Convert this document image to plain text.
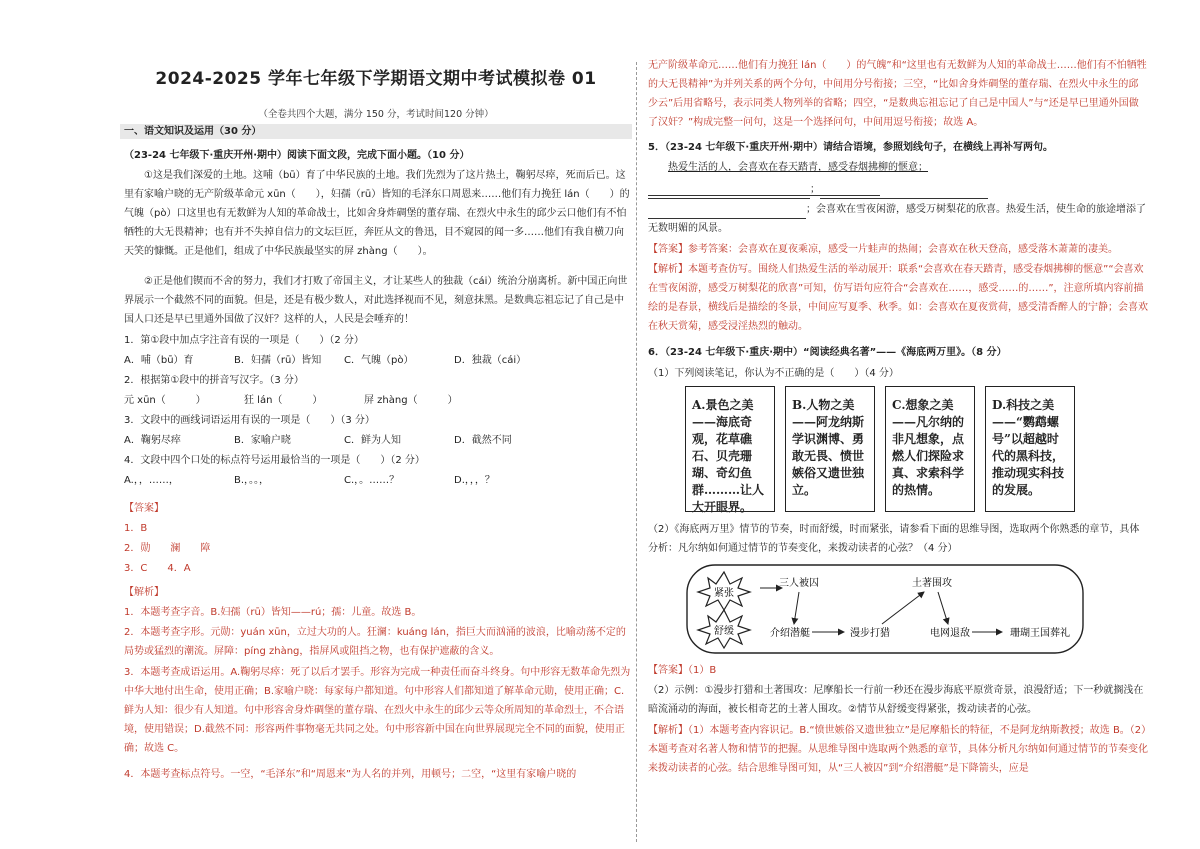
2024-2025 学年七年级下学期语文期中考试模拟卷 01
（全卷共四个大题，满分 150 分，考试时间120 分钟）
一、语文知识及运用（30 分）
（23-24 七年级下·重庆开州·期中）阅读下面文段，完成下面小题。（10 分）
①这是我们深爱的土地。这哺（bū）育了中华民族的土地。我们先烈为了这片热土，鞠躬尽瘁，死而后已。这里有家喻户晓的无产阶级革命元 xūn（　　），妇孺（rū）皆知的毛泽东口周恩来……他们有力挽狂 lán（　　）的气魄（pò）口这里也有无数鲜为人知的革命战士，比如舍身炸碉堡的董存瑞、在烈火中永生的邱少云口他们有不怕牺牲的大无畏精神；也有并不失掉自信力的文坛巨匠，奔匠从文的鲁迅，目不窥园的闻一多……他们有我自横刀向天笑的慷慨。正是他们，组成了中华民族最坚实的屏 zhàng（　　）。
②正是他们锲而不舍的努力，我们才打败了帝国主义，才让某些人的独裁（cái）统治分崩离析。新中国正向世界展示一个截然不同的面貌。但是，还是有极少数人，对此选择视而不见，刻意抹黑。是数典忘祖忘记了自己是中国人口还是早已里通外国做了汉奸？这样的人，人民是会唾弃的！
1．第①段中加点字注音有误的一项是（　　）（2 分）
A．哺（bū）育	B．妇孺（rū）皆知	C．气魄（pò）	D．独裁（cái）
2．根据第①段中的拼音写汉字。（3 分）
元 xūn（　　　）	狂 lán（　　　）	屏 zhàng（　　　）
3．文段中的画线词语运用有误的一项是（　　）（3 分）
A．鞠躬尽瘁	B．家喻户晓	C．鲜为人知	D．截然不同
4．文段中四个口处的标点符号运用最恰当的一项是（　　）（2 分）
A.，，……，	B.，。。，	C.，。……？	D.，，，？
【答案】
1．B
2．勋　　澜　　障
3．C　　4．A
【解析】
1．本题考查字音。B.妇孺（rū）皆知——rú；孺：儿童。故选 B。
2．本题考查字形。元勋：yuán xūn，立过大功的人。狂澜：kuáng lán，指巨大而汹涌的波浪，比喻动荡不定的局势或猛烈的潮流。屏障：píng zhàng，指屏风或阻挡之物，也有保护遮蔽的含义。
3．本题考查成语运用。A.鞠躬尽瘁：死了以后才罢手。形容为完成一种责任而奋斗终身。句中形容无数革命先烈为中华大地付出生命，使用正确；B.家喻户晓：每家每户都知道。句中形容人们都知道了解革命元勋，使用正确；C.鲜为人知：很少有人知道。句中形容舍身炸碉堡的董存瑞、在烈火中永生的邱少云等众所周知的革命烈士，不合语境，使用错误；D.截然不同：形容两件事物毫无共同之处。句中形容新中国在向世界展现完全不同的面貌，使用正确；故选 C。
4．本题考查标点符号。一空，“毛泽东”和“周恩来”为人名的并列，用顿号；二空，“这里有家喻户晓的
无产阶级革命元……他们有力挽狂 lán（　　）的气魄”和“这里也有无数鲜为人知的革命战士……他们有不怕牺牲的大无畏精神”为并列关系的两个分句，中间用分号衔接；三空，“比如舍身炸碉堡的董存瑞、在烈火中永生的邱少云”后用省略号，表示同类人物列举的省略；四空，“是数典忘祖忘记了自己是中国人”与“还是早已里通外国做了汉奸？”构成完整一问句，这是一个选择问句，中间用逗号衔接；故选 A。
5．（23-24 七年级下·重庆开州·期中）请结合语境，参照划线句子，在横线上再补写两句。
热爱生活的人，会喜欢在春天踏青，感受春烟拂柳的惬意；
；
；会喜欢在雪夜闲游，感受万树梨花的欣喜。热爱生活，使生命的旅途增添了无数明媚的风景。
【答案】参考答案：会喜欢在夏夜乘凉，感受一片蛙声的热闹；会喜欢在秋天登高，感受落木萧萧的凄美。
【解析】本题考查仿写。围绕人们热爱生活的举动展开：联系“会喜欢在春天踏青，感受春烟拂柳的惬意”“会喜欢在雪夜闲游，感受万树梨花的欣喜”可知，仿写语句应符合“会喜欢在……，感受……的……”，注意所填内容前描绘的是春景，横线后是描绘的冬景，中间应写夏季、秋季。如：会喜欢在夏夜赏荷，感受清香醉人的宁静；会喜欢在秋天赏菊，感受浸淫热烈的触动。
6．（23-24 七年级下·重庆·期中）“阅读经典名著”——《海底两万里》。（8 分）
（1）下列阅读笔记，你认为不正确的是（　　）（4 分）
A.景色之美——海底奇观，花草礁石、贝壳珊瑚、奇幻鱼群………让人大开眼界。
B.人物之美——阿龙纳斯学识渊博、勇敢无畏、愤世嫉俗又遗世独立。
C.想象之美——凡尔纳的非凡想象，点燃人们探险求真、求索科学的热情。
D.科技之美——“鹦鹉螺号”以超越时代的黑科技，推动现实科技的发展。
（2）《海底两万里》情节的节奏，时而舒缓，时而紧张，请参看下面的思维导图，选取两个你熟悉的章节，具体分析：凡尔纳如何通过情节的节奏变化，来拨动读者的心弦？（4 分）
紧张
舒缓
三人被囚	土著围攻
介绍潜艇	漫步打猎	电网退敌	珊瑚王国葬礼
【答案】（1）B
（2）示例：①漫步打猎和土著围攻：尼摩船长一行前一秒还在漫步海底平原赏奇景，浪漫舒适；下一秒就搁浅在暗流涌动的海面，被长相奇艺的土著人围攻。②情节从舒缓变得紧张，拨动读者的心弦。
【解析】（1）本题考查内容识记。B.“愤世嫉俗又遗世独立”是尼摩船长的特征，不是阿龙纳斯教授；故选 B。（2）本题考查对名著人物和情节的把握。从思维导图中选取两个熟悉的章节，具体分析凡尔纳如何通过情节的节奏变化来拨动读者的心弦。结合思维导图可知，从“三人被囚”到“介绍潜艇”是下降箭头，应是
